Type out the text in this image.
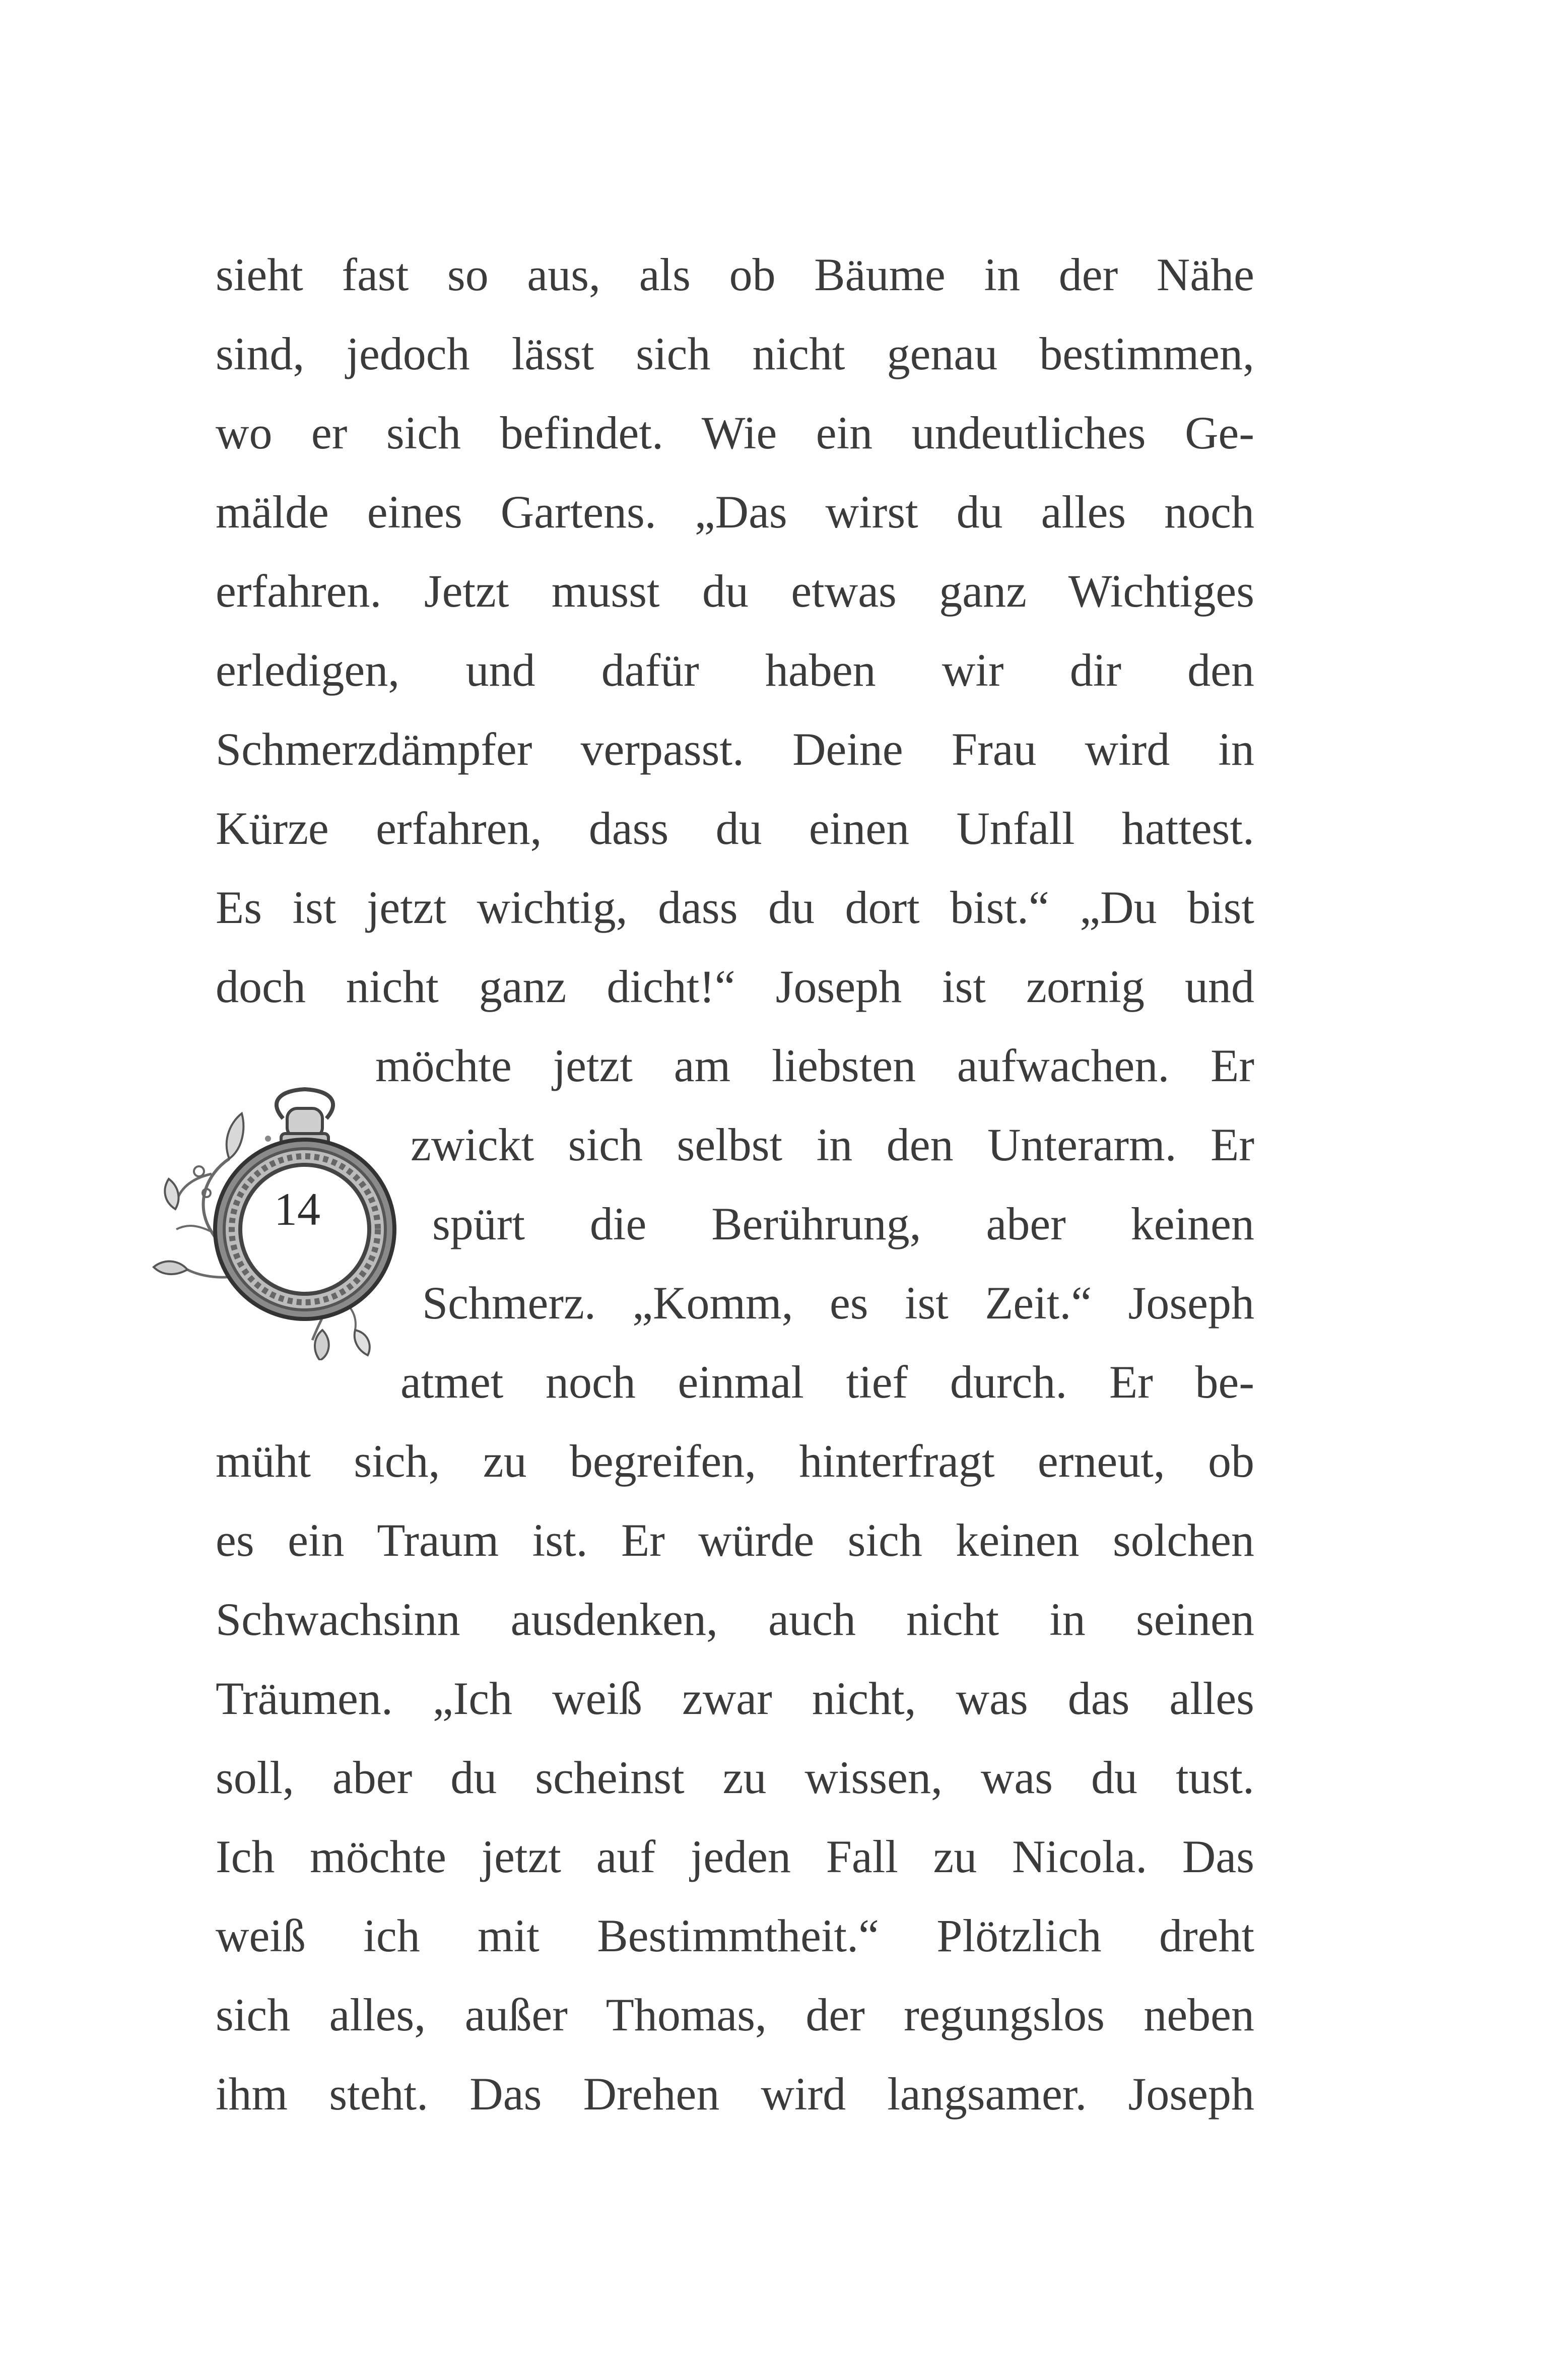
sieht fast so aus, als ob Bäume in der Nähe
sind, jedoch lässt sich nicht genau bestimmen,
wo er sich befindet. Wie ein undeutliches Ge-
mälde eines Gartens. „Das wirst du alles noch
erfahren. Jetzt musst du etwas ganz Wichtiges
erledigen, und dafür haben wir dir den
Schmerzdämpfer verpasst. Deine Frau wird in
Kürze erfahren, dass du einen Unfall hattest.
Es ist jetzt wichtig, dass du dort bist.“ „Du bist
doch nicht ganz dicht!“ Joseph ist zornig und
möchte jetzt am liebsten aufwachen. Er
zwickt sich selbst in den Unterarm. Er
spürt die Berührung, aber keinen
Schmerz. „Komm, es ist Zeit.“ Joseph
atmet noch einmal tief durch. Er be-
müht sich, zu begreifen, hinterfragt erneut, ob
es ein Traum ist. Er würde sich keinen solchen
Schwachsinn ausdenken, auch nicht in seinen
Träumen. „Ich weiß zwar nicht, was das alles
soll, aber du scheinst zu wissen, was du tust.
Ich möchte jetzt auf jeden Fall zu Nicola. Das
weiß ich mit Bestimmtheit.“ Plötzlich dreht
sich alles, außer Thomas, der regungslos neben
ihm steht. Das Drehen wird langsamer. Joseph
14
